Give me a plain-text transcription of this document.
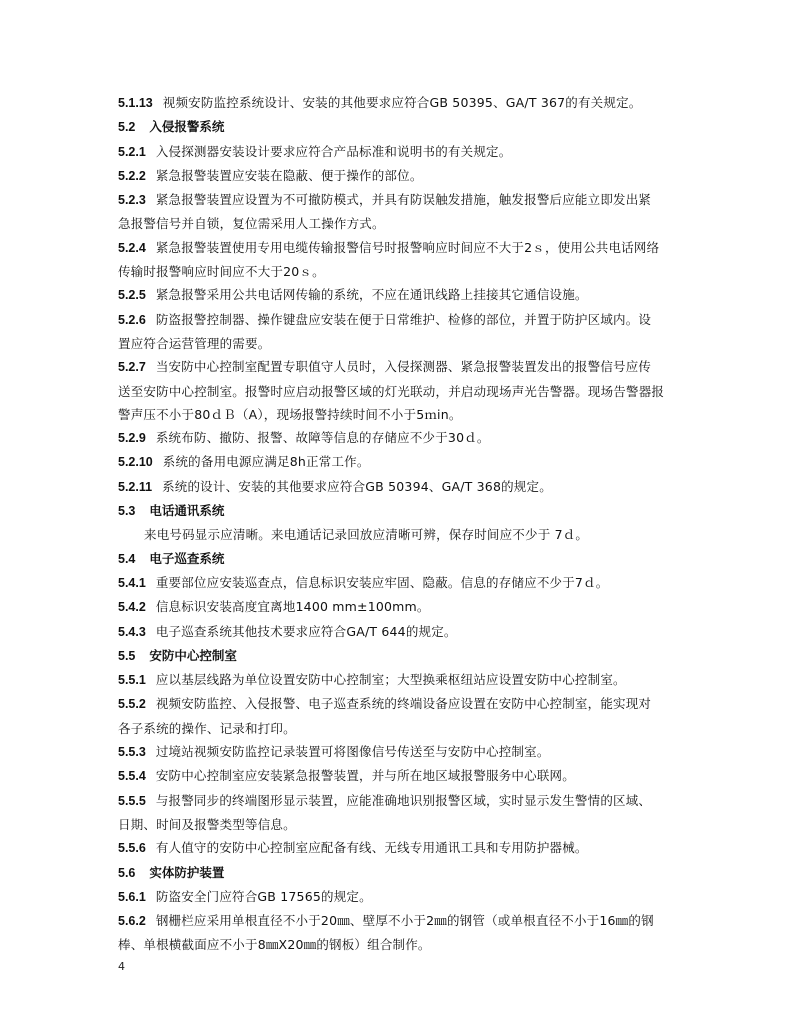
5.1.13 视频安防监控系统设计、安装的其他要求应符合GB 50395、GA/T 367的有关规定。
5.2 入侵报警系统
5.2.1 入侵探测器安装设计要求应符合产品标准和说明书的有关规定。
5.2.2 紧急报警装置应安装在隐蔽、便于操作的部位。
5.2.3 紧急报警装置应设置为不可撤防模式，并具有防误触发措施，触发报警后应能立即发出紧
急报警信号并自锁，复位需采用人工操作方式。
5.2.4 紧急报警装置使用专用电缆传输报警信号时报警响应时间应不大于2ｓ，使用公共电话网络
传输时报警响应时间应不大于20ｓ。
5.2.5 紧急报警采用公共电话网传输的系统，不应在通讯线路上挂接其它通信设施。
5.2.6 防盗报警控制器、操作键盘应安装在便于日常维护、检修的部位，并置于防护区域内。设
置应符合运营管理的需要。
5.2.7 当安防中心控制室配置专职值守人员时，入侵探测器、紧急报警装置发出的报警信号应传
送至安防中心控制室。报警时应启动报警区域的灯光联动，并启动现场声光告警器。现场告警器报
警声压不小于80ｄＢ（A），现场报警持续时间不小于5ｍin。
5.2.9 系统布防、撤防、报警、故障等信息的存储应不少于30ｄ。
5.2.10 系统的备用电源应满足8h正常工作。
5.2.11 系统的设计、安装的其他要求应符合GB 50394、GA/T 368的规定。
5.3 电话通讯系统
来电号码显示应清晰。来电通话记录回放应清晰可辨，保存时间应不少于 7ｄ。
5.4 电子巡查系统
5.4.1 重要部位应安装巡查点，信息标识安装应牢固、隐蔽。信息的存储应不少于7ｄ。
5.4.2 信息标识安装高度宜离地1400 mm±100mm。
5.4.3 电子巡查系统其他技术要求应符合GA/T 644的规定。
5.5 安防中心控制室
5.5.1 应以基层线路为单位设置安防中心控制室；大型换乘枢纽站应设置安防中心控制室。
5.5.2 视频安防监控、入侵报警、电子巡查系统的终端设备应设置在安防中心控制室，能实现对
各子系统的操作、记录和打印。
5.5.3 过境站视频安防监控记录装置可将图像信号传送至与安防中心控制室。
5.5.4 安防中心控制室应安装紧急报警装置，并与所在地区域报警服务中心联网。
5.5.5 与报警同步的终端图形显示装置，应能准确地识别报警区域，实时显示发生警情的区域、
日期、时间及报警类型等信息。
5.5.6 有人值守的安防中心控制室应配备有线、无线专用通讯工具和专用防护器械。
5.6 实体防护装置
5.6.1 防盗安全门应符合GB 17565的规定。
5.6.2 钢栅栏应采用单根直径不小于20㎜、壁厚不小于2㎜的钢管（或单根直径不小于16㎜的钢
棒、单根横截面应不小于8㎜X20㎜的钢板）组合制作。
4
